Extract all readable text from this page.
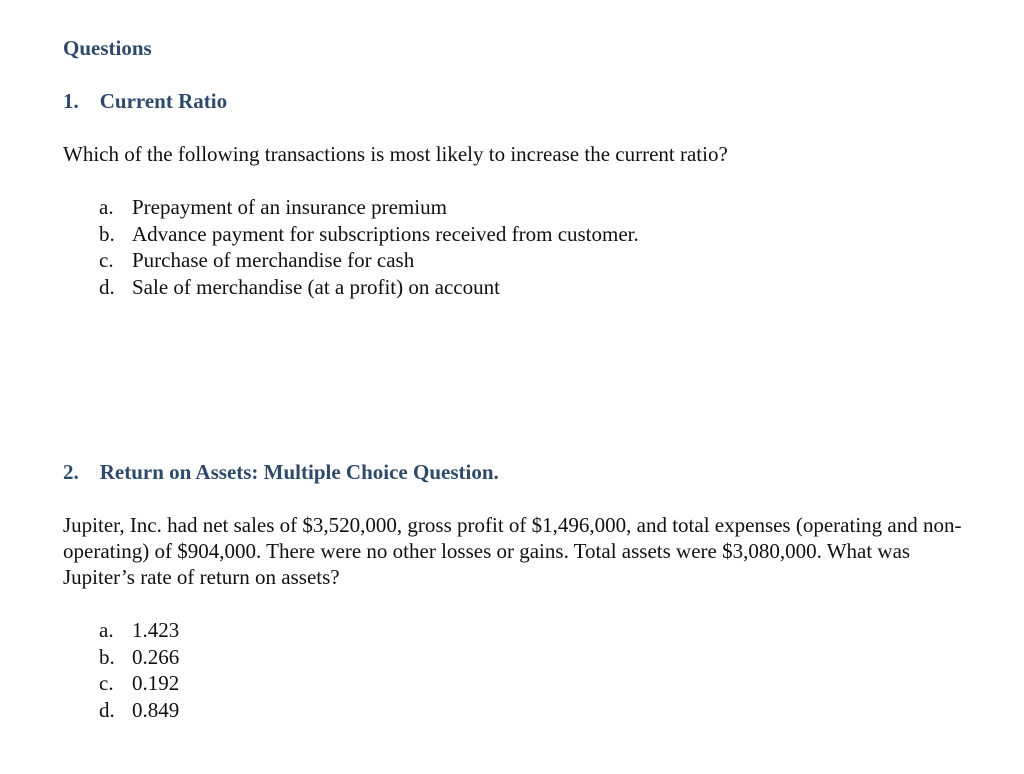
Questions
1. Current Ratio

Which of the following transactions is most likely to increase the current ratio?

a. Prepayment of an insurance premium
b. Advance payment for subscriptions received from customer.
c. Purchase of merchandise for cash
d. Sale of merchandise (at a profit) on account
2. Return on Assets: Multiple Choice Question.

Jupiter, Inc. had net sales of $3,520,000, gross profit of $1,496,000, and total expenses (operating and non-operating) of $904,000. There were no other losses or gains. Total assets were $3,080,000. What was Jupiter’s rate of return on assets?

a. 1.423
b. 0.266
c. 0.192
d. 0.849
